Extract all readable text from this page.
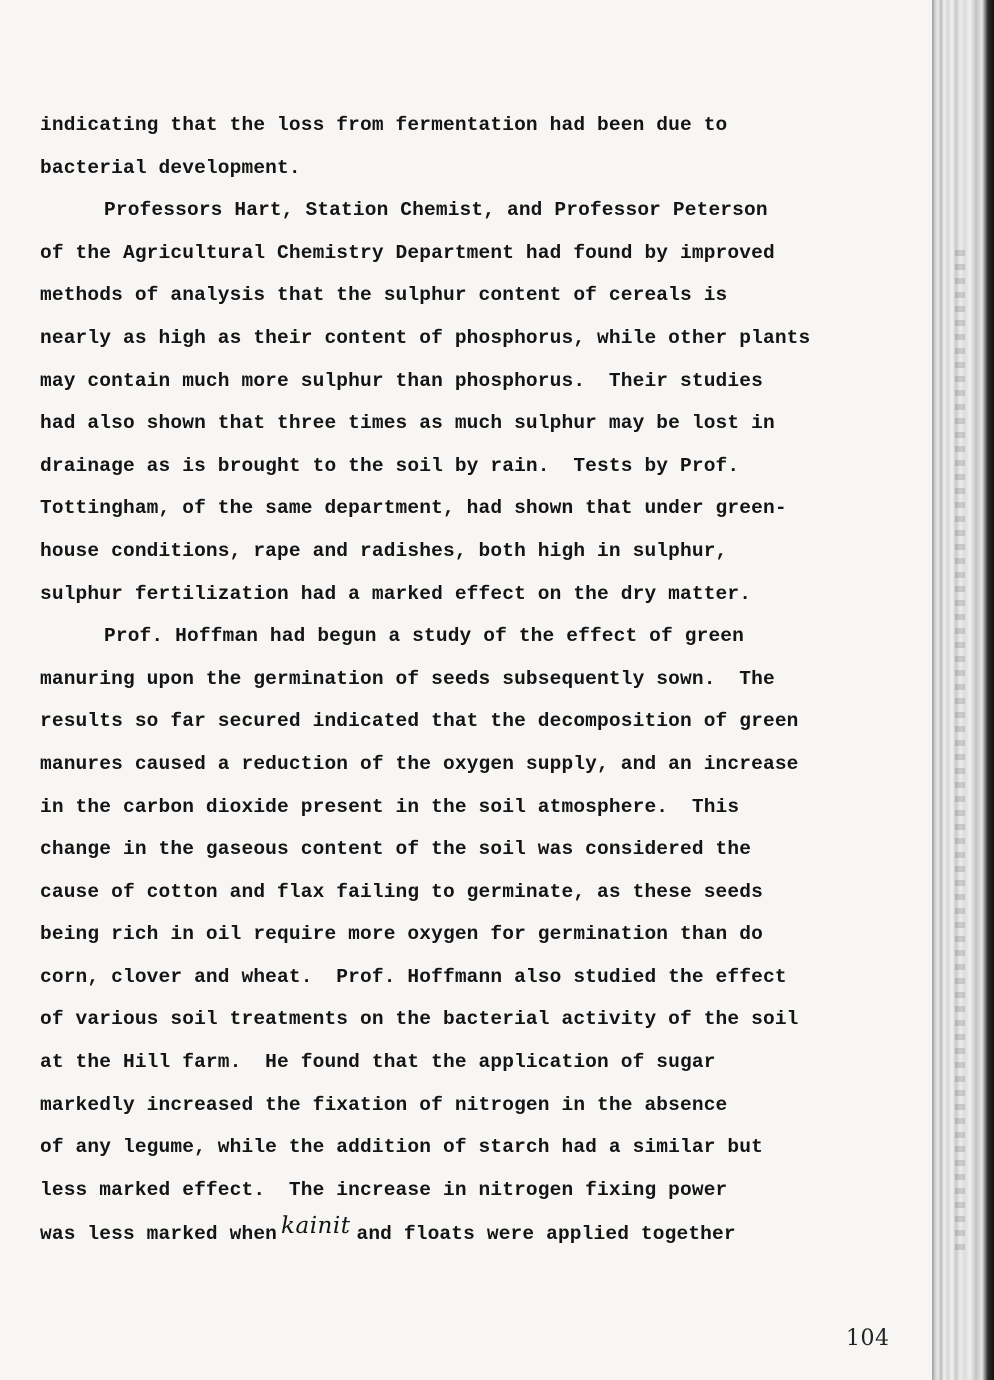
indicating that the loss from fermentation had been due to
bacterial development.
Professors Hart, Station Chemist, and Professor Peterson
of the Agricultural Chemistry Department had found by improved
methods of analysis that the sulphur content of cereals is
nearly as high as their content of phosphorus, while other plants
may contain much more sulphur than phosphorus.  Their studies
had also shown that three times as much sulphur may be lost in
drainage as is brought to the soil by rain.  Tests by Prof.
Tottingham, of the same department, had shown that under green-
house conditions, rape and radishes, both high in sulphur,
sulphur fertilization had a marked effect on the dry matter.
Prof. Hoffman had begun a study of the effect of green
manuring upon the germination of seeds subsequently sown.  The
results so far secured indicated that the decomposition of green
manures caused a reduction of the oxygen supply, and an increase
in the carbon dioxide present in the soil atmosphere.  This
change in the gaseous content of the soil was considered the
cause of cotton and flax failing to germinate, as these seeds
being rich in oil require more oxygen for germination than do
corn, clover and wheat.  Prof. Hoffmann also studied the effect
of various soil treatments on the bacterial activity of the soil
at the Hill farm.  He found that the application of sugar
markedly increased the fixation of nitrogen in the absence
of any legume, while the addition of starch had a similar but
less marked effect.  The increase in nitrogen fixing power
was less marked when kainit and floats were applied together
104
